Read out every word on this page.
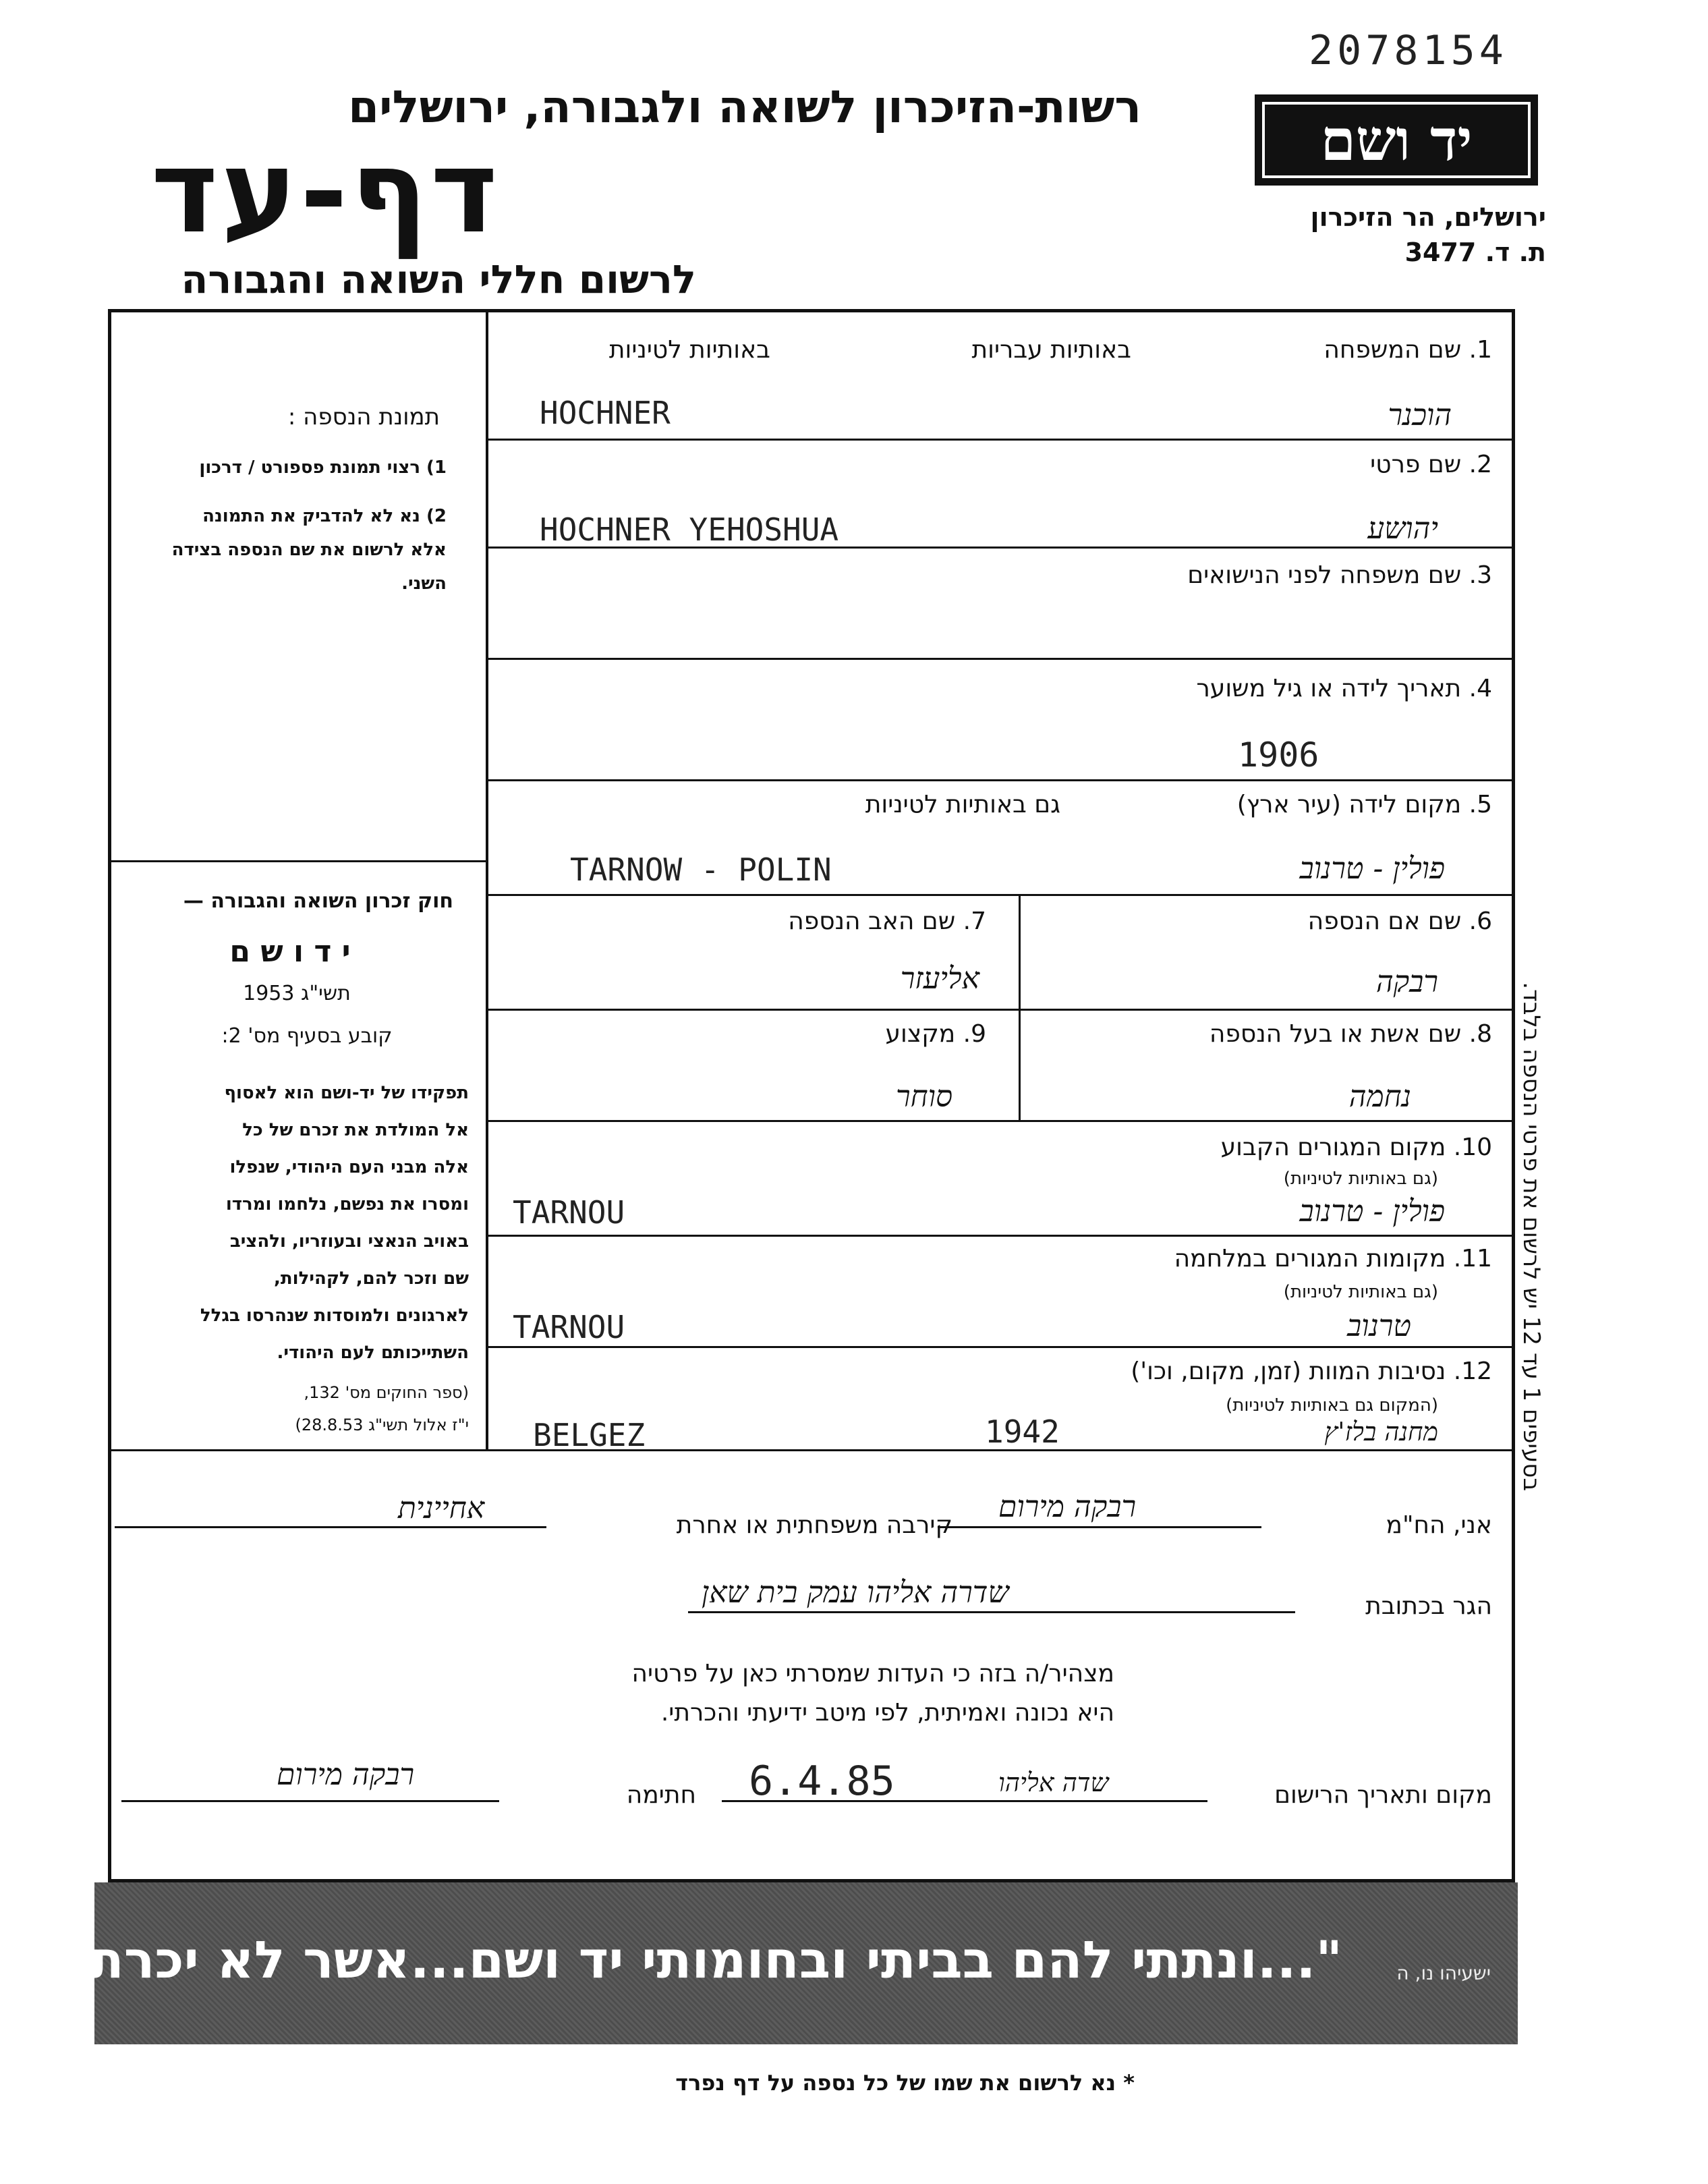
2078154
יד ושם
ירושלים, הר הזיכרון
ת. ד. 3477
רשות-הזיכרון לשואה ולגבורה, ירושלים
דף-עד
לרשום חללי השואה והגבורה
בסעיפים 1 עד 12 יש לרשום את פרטי הנספה בלבד.
1. שם המשפחה
באותיות עבריות
באותיות לטיניות
HOCHNER	הוכנר
2. שם פרטי
HOCHNER YEHOSHUA	יהושע
3. שם משפחה לפני הנישואים
4. תאריך לידה או גיל משוער
1906
5. מקום לידה (עיר ארץ)
גם באותיות לטיניות
TARNOW - POLIN	פולין - טרנוב
6. שם אם הנספה
רבקה
7. שם האב הנספה
אליעזר
8. שם אשת או בעל הנספה
נחמה
9. מקצוע
סוחר
10. מקום המגורים הקבוע
(גם באותיות לטיניות)
TARNOU	פולין - טרנוב
11. מקומות המגורים במלחמה
(גם באותיות לטיניות)
TARNOU	טרנוב
12. נסיבות המוות (זמן, מקום, וכו')
(המקום גם באותיות לטיניות)
BELGEZ	1942	מחנה בלז'ץ
תמונת הנספה :
1) רצוי תמונת פספורט / דרכון
2) נא לא להדביק את התמונה
אלא לרשום את שם הנספה בצידה
השני.
חוק זכרון השואה והגבורה —
י ד ו ש ם
תשי"ג 1953
קובע בסעיף מס' 2:
תפקידו של יד-ושם הוא לאסוף
אל המולדת את זכרם של כל
אלה מבני העם היהודי, שנפלו
ומסרו את נפשם, נלחמו ומרדו
באויב הנאצי ובעוזריו, ולהציב
שם וזכר להם, לקהילות,
לארגונים ולמוסדות שנהרסו בגלל
השתייכותם לעם היהודי.
(ספר החוקים מס' 132,
י"ז אלול תשי"ג 28.8.53)
אני, הח"מ
רבקה מירום
קירבה משפחתית או אחרת
אחיינית
הגר בכתובת
שדרה אליהו עמק בית שאן
מצהיר/ה בזה כי העדות שמסרתי כאן על פרטיה
היא נכונה ואמיתית, לפי מיטב ידיעתי והכרתי.
מקום ותאריך הרישום
שדה אליהו
6.4.85
חתימה
רבקה מירום
"...ונתתי להם בביתי ובחומותי יד ושם...אשר לא יכרת"	ישעיהו נו, ה
* נא לרשום את שמו של כל נספה על דף נפרד
